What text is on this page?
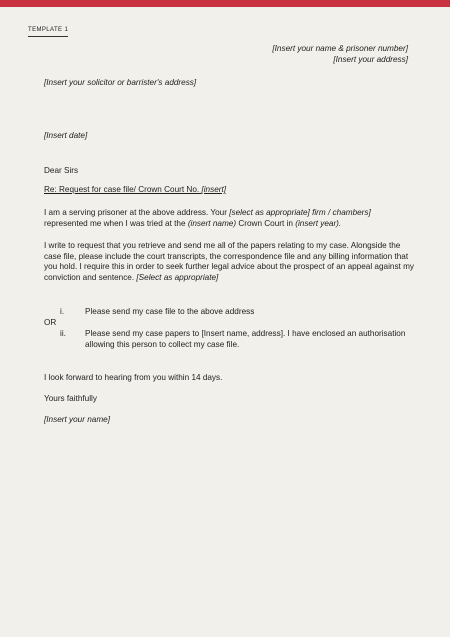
TEMPLATE 1
[Insert your name & prisoner number]
[Insert your address]
[Insert your solicitor or barrister's address]
[Insert date]
Dear Sirs
Re: Request for case file/ Crown Court No. [insert]
I am a serving prisoner at the above address. Your [select as appropriate] firm / chambers]
represented me when I was tried at the (insert name) Crown Court in (insert year).
I write to request that you retrieve and send me all of the papers relating to my case. Alongside the case file, please include the court transcripts, the correspondence file and any billing information that you hold. I require this in order to seek further legal advice about the prospect of an appeal against my conviction and sentence. [Select as appropriate]
i.	Please send my case file to the above address
OR
ii. Please send my case papers to [Insert name, address]. I have enclosed an authorisation allowing this person to collect my case file.
I look forward to hearing from you within 14 days.
Yours faithfully
[Insert your name]
